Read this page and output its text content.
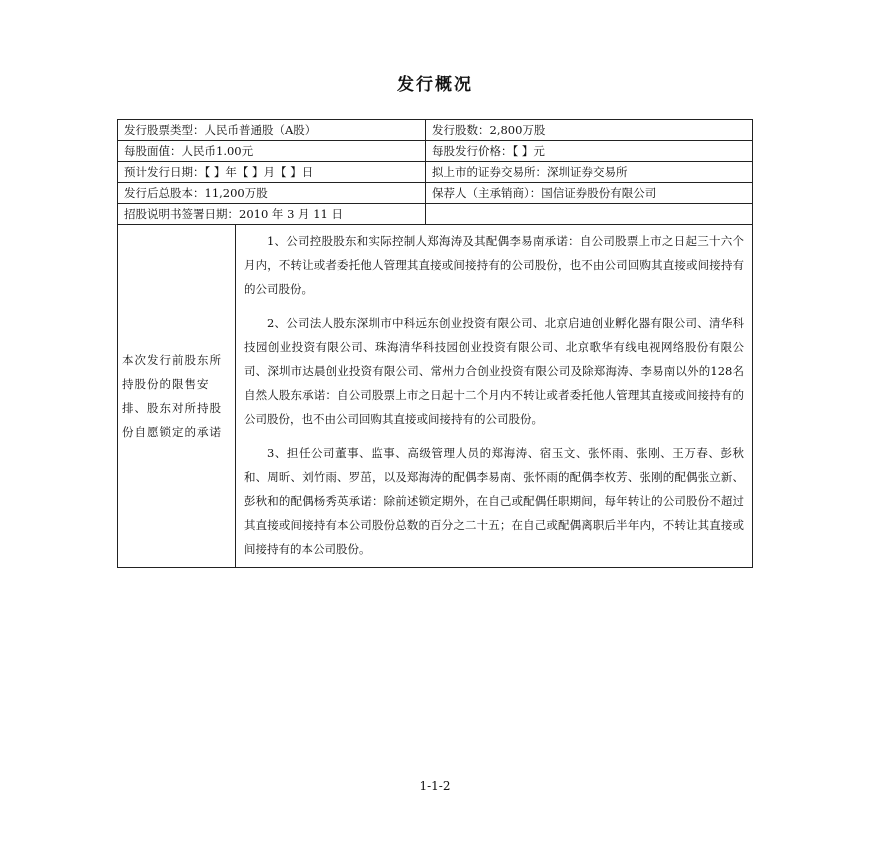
发行概况
发行股票类型：人民币普通股（A股）		发行股数：2,800万股
每股面值：人民币1.00元		每股发行价格：【 】元
预计发行日期：【 】年【 】月【 】日		拟上市的证券交易所：深圳证券交易所
发行后总股本：11,200万股		保荐人（主承销商）：国信证券股份有限公司
招股说明书签署日期：2010 年 3 月 11 日		
本次发行前股东所持股份的限售安排、股东对所持股份自愿锁定的承诺	1、公司控股股东和实际控制人郑海涛及其配偶李易南承诺：自公司股票上市之日起三十六个月内，不转让或者委托他人管理其直接或间接持有的公司股份，也不由公司回购其直接或间接持有的公司股份。

2、公司法人股东深圳市中科远东创业投资有限公司、北京启迪创业孵化器有限公司、清华科技园创业投资有限公司、珠海清华科技园创业投资有限公司、北京歌华有线电视网络股份有限公司、深圳市达晨创业投资有限公司、常州力合创业投资有限公司及除郑海涛、李易南以外的128名自然人股东承诺：自公司股票上市之日起十二个月内不转让或者委托他人管理其直接或间接持有的公司股份，也不由公司回购其直接或间接持有的公司股份。

3、担任公司董事、监事、高级管理人员的郑海涛、宿玉文、张怀雨、张刚、王万春、彭秋和、周昕、刘竹雨、罗茁，以及郑海涛的配偶李易南、张怀雨的配偶李枚芳、张刚的配偶张立新、彭秋和的配偶杨秀英承诺：除前述锁定期外，在自己或配偶任职期间，每年转让的公司股份不超过其直接或间接持有本公司股份总数的百分之二十五；在自己或配偶离职后半年内，不转让其直接或间接持有的本公司股份。	

1-1-2
